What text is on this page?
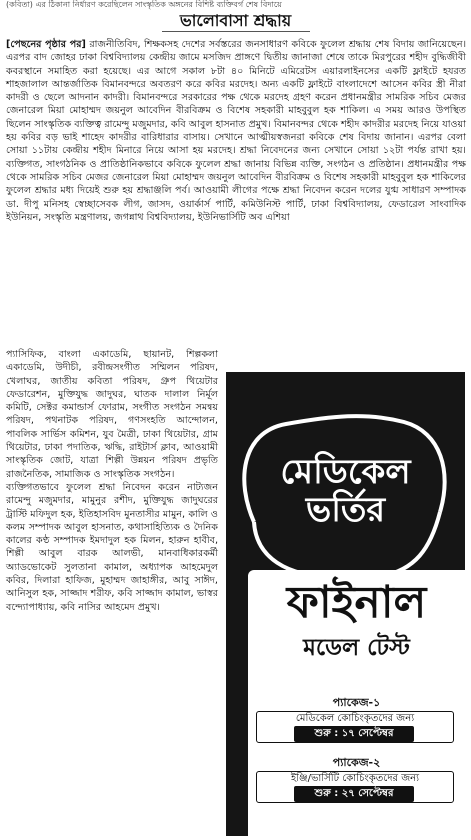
(কবিতা) এর ঠিকানা নির্ধারণ করেছিলেন সাংস্কৃতিক অঙ্গনের বিশিষ্ট ব্যক্তিবর্গ শেষ বিদায়ে
ভালোবাসা শ্রদ্ধায়
[পেছনের পৃষ্ঠার পর] রাজনীতিবিদ, শিক্ষকসহ দেশের সর্বস্তরের জনসাধারণ কবিকে ফুলেল শ্রদ্ধায় শেষ বিদায় জানিয়েছেন। এরপর বাদ জোহর ঢাকা বিশ্ববিদ্যালয় কেন্দ্রীয় জামে মসজিদ প্রাঙ্গণে দ্বিতীয় জানাজা শেষে তাকে মিরপুরের শহীদ বুদ্ধিজীবী কবরস্থানে সমাহিত করা হয়েছে। এর আগে সকাল ৮টা ৪০ মিনিটে এমিরেটস এয়ারলাইনসের একটি ফ্লাইটে হযরত শাহজালাল আন্তর্জাতিক বিমানবন্দরে অবতরণ করে কবির মরদেহ। অন্য একটি ফ্লাইটে বাংলাদেশে আসেন কবির স্ত্রী নীরা কাদরী ও ছেলে আদনান কাদরী। বিমানবন্দরে সরকারের পক্ষ থেকে মরদেহ গ্রহণ করেন প্রধানমন্ত্রীর সামরিক সচিব মেজর জেনারেল মিয়া মোহাম্মদ জয়নুল আবেদিন বীরবিক্রম ও বিশেষ সহকারী মাহবুবুল হক শাকিল। এ সময় আরও উপস্থিত ছিলেন সাংস্কৃতিক ব্যক্তিত্ব রামেন্দু মজুমদার, কবি আবুল হাসনাত প্রমুখ। বিমানবন্দর থেকে শহীদ কাদরীর মরদেহ নিয়ে যাওয়া হয় কবির বড় ভাই শাহেদ কাদরীর বারিধারার বাসায়। সেখানে আত্মীয়স্বজনরা কবিকে শেষ বিদায় জানান। এরপর বেলা সোয়া ১১টায় কেন্দ্রীয় শহীদ মিনারে নিয়ে আসা হয় মরদেহ। শ্রদ্ধা নিবেদনের জন্য সেখানে সোয়া ১২টা পর্যন্ত রাখা হয়। ব্যক্তিগত, সাংগঠনিক ও প্রাতিষ্ঠানিকভাবে কবিকে ফুলেল শ্রদ্ধা জানায় বিভিন্ন ব্যক্তি, সংগঠন ও প্রতিষ্ঠান। প্রধানমন্ত্রীর পক্ষ থেকে সামরিক সচিব মেজর জেনারেল মিয়া মোহাম্মদ জয়নুল আবেদিন বীরবিক্রম ও বিশেষ সহকারী মাহবুবুল হক শাকিলের ফুলেল শ্রদ্ধার মধ্য দিয়েই শুরু হয় শ্রদ্ধাঞ্জলি পর্ব। আওয়ামী লীগের পক্ষে শ্রদ্ধা নিবেদন করেন দলের যুগ্ম সাধারণ সম্পাদক ডা. দীপু মনিসহ স্বেচ্ছাসেবক লীগ, জাসদ, ওয়ার্কার্স পার্টি, কমিউনিস্ট পার্টি, ঢাকা বিশ্ববিদ্যালয়, ফেডারেল সাংবাদিক ইউনিয়ন, সংস্কৃতি মন্ত্রণালয়, জগন্নাথ বিশ্ববিদ্যালয়, ইউনিভার্সিটি অব এশিয়া
প্যাসিফিক, বাংলা একাডেমি, ছায়ানট, শিল্পকলা একাডেমি, উদীচী, রবীন্দ্রসংগীত সম্মিলন পরিষদ, খেলাঘর, জাতীয় কবিতা পরিষদ, গ্রুপ থিয়েটার ফেডারেশন, মুক্তিযুদ্ধ জাদুঘর, ঘাতক দালাল নির্মূল কমিটি, সেক্টর কমান্ডার্স ফোরাম, সংগীত সংগঠন সমন্বয় পরিষদ, পথনাটক পরিষদ, গণসংহতি আন্দোলন, পাবলিক সার্ভিস কমিশন, যুব মৈত্রী, ঢাকা থিয়েটার, গ্রাম থিয়েটার, ঢাকা পদাতিক, ঋদ্ধি, রাইটার্স ক্লাব, আওয়ামী সাংস্কৃতিক জোট, যাত্রা শিল্পী উন্নয়ন পরিষদ প্রভৃতি রাজনৈতিক, সামাজিক ও সাংস্কৃতিক সংগঠন।
ব্যক্তিগতভাবে ফুলেল শ্রদ্ধা নিবেদন করেন নাট্যজন রামেন্দু মজুমদার, মামুনুর রশীদ, মুক্তিযুদ্ধ জাদুঘরের ট্রাস্টি মফিদুল হক, ইতিহাসবিদ মুনতাসীর মামুন, কালি ও কলম সম্পাদক আবুল হাসনাত, কথাসাহিত্যিক ও দৈনিক কালের কণ্ঠ সম্পাদক ইমদাদুল হক মিলন, হারুন হাবীব, শিল্পী আবুল বারক আলভী, মানবাধিকারকর্মী অ্যাডভোকেট সুলতানা কামাল, অধ্যাপক আহমেদুল কবির, দিলারা হাফিজ, মুহাম্মদ জাহাঙ্গীর, আবু সাঈদ, আনিসুল হক, সাজ্জাদ শরীফ, কবি সাজ্জাদ কামাল, ভাস্বর বন্দ্যোপাধ্যায়, কবি নাসির আহমেদ প্রমুখ।
মেডিকেল
ভর্তির
ফাইনাল
মডেল টেস্ট
প্যাকেজ-১
মেডিকেল কোচিংকৃতদের জন্য
শুরু : ১৭ সেপ্টেম্বর
প্যাকেজ-২
ইঞ্জি/ভার্সিটি কোচিংকৃতদের জন্য
শুরু : ২৭ সেপ্টেম্বর
